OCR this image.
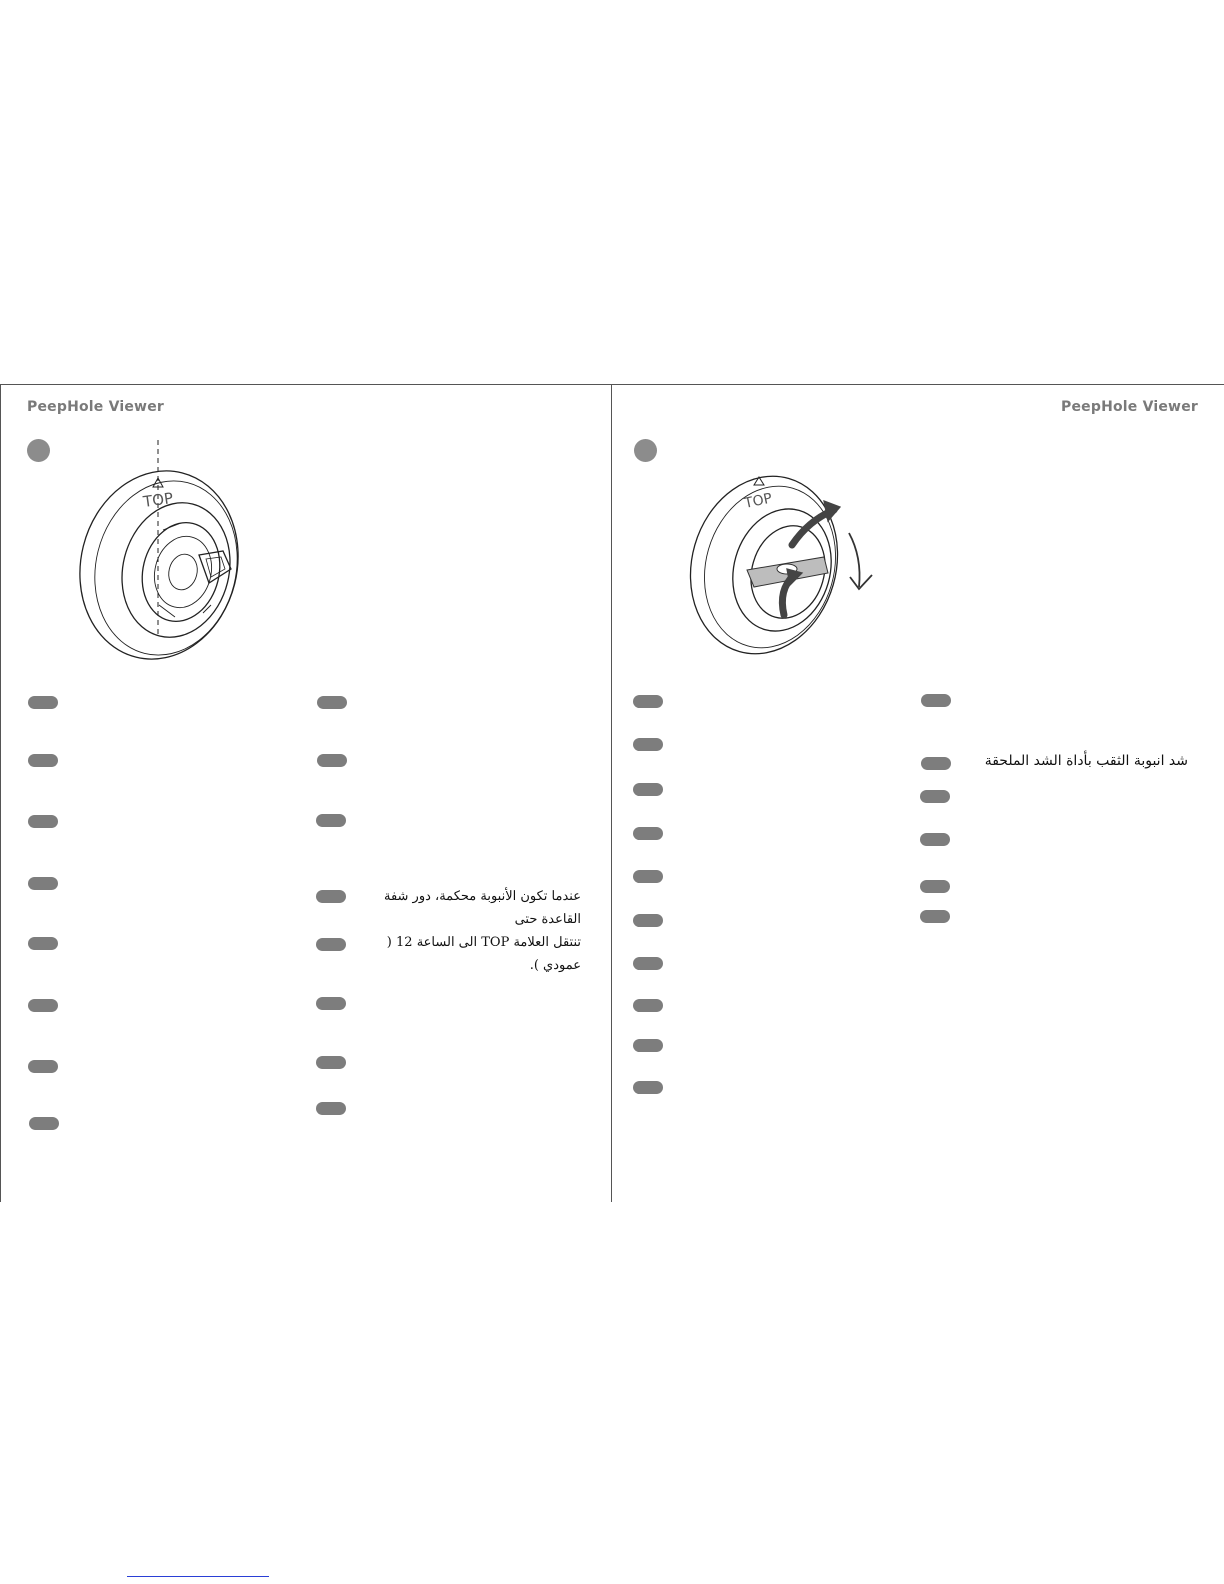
PeepHole Viewer
TOP
عندما تكون الأنبوبة محكمة، دور شفة القاعدة حتى
تنتقل العلامة TOP الى الساعة 12 ( عمودي ).
PeepHole Viewer
TOP
شد انبوبة الثقب بأداة الشد الملحقة
